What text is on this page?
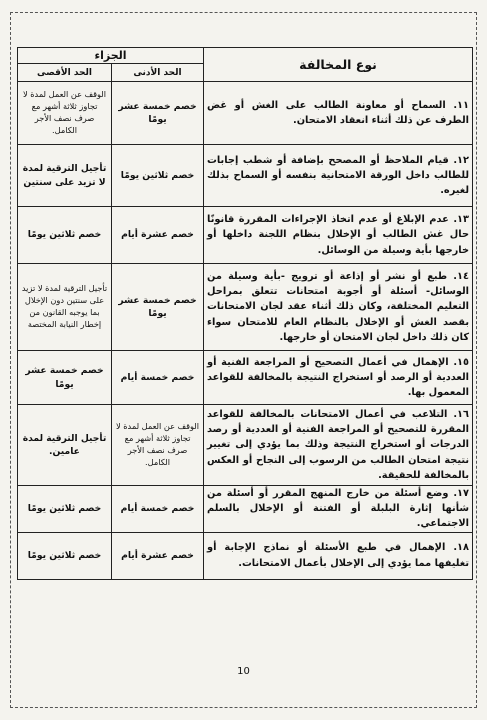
نوع المخالفة	الجزاء	
	الحد الأدنى	الحد الأقصى
١١. السماح أو معاونة الطالب على الغش أو غض الطرف عن ذلك أثناء انعقاد الامتحان.	خصم خمسة عشر يومًا	الوقف عن العمل لمدة لا تجاوز ثلاثة أشهر مع صرف نصف الأجر الكامل.
١٢. قيام الملاحظ أو المصحح بإضافة أو شطب إجابات للطالب داخل الورقة الامتحانية بنفسه أو السماح بذلك لغيره.	خصم ثلاثين يومًا	تأجيل الترقية لمدة لا تزيد على سنتين
١٣. عدم الإبلاغ أو عدم اتخاذ الإجراءات المقررة قانونًا حال غش الطالب أو الإخلال بنظام اللجنة داخلها أو خارجها بأية وسيلة من الوسائل.	خصم عشرة أيام	خصم ثلاثين يومًا
١٤. طبع أو نشر أو إذاعة أو ترويج -بأية وسيلة من الوسائل- أسئلة أو أجوبة امتحانات تتعلق بمراحل التعليم المختلفة، وكان ذلك أثناء عقد لجان الامتحانات بقصد الغش أو الإخلال بالنظام العام للامتحان سواء كان ذلك داخل لجان الامتحان أو خارجها.	خصم خمسة عشر يومًا	تأجيل الترقية لمدة لا تزيد على سنتين دون الإخلال بما يوجبه القانون من إخطار النيابة المختصة
١٥. الإهمال في أعمال التصحيح أو المراجعة الفنية أو العددية أو الرصد أو استخراج النتيجة بالمخالفة للقواعد المعمول بها.	خصم خمسة أيام	خصم خمسة عشر يومًا
١٦. التلاعب في أعمال الامتحانات بالمخالفة للقواعد المقررة للتصحيح أو المراجعة الفنية أو العددية أو رصد الدرجات أو استخراج النتيجة وذلك بما يؤدي إلى تغيير نتيجة امتحان الطالب من الرسوب إلى النجاح أو العكس بالمخالفة للحقيقة.	الوقف عن العمل لمدة لا تجاوز ثلاثة أشهر مع صرف نصف الأجر الكامل.	تأجيل الترقية لمدة عامين.
١٧. وضع أسئلة من خارج المنهج المقرر أو أسئلة من شأنها إثارة البلبلة أو الفتنة أو الإخلال بالسلم الاجتماعي.	خصم خمسة أيام	خصم ثلاثين يومًا
١٨. الإهمال في طبع الأسئلة أو نماذج الإجابة أو تغليفها مما يؤدي إلى الإخلال بأعمال الامتحانات.	خصم عشرة أيام	خصم ثلاثين يومًا
10
